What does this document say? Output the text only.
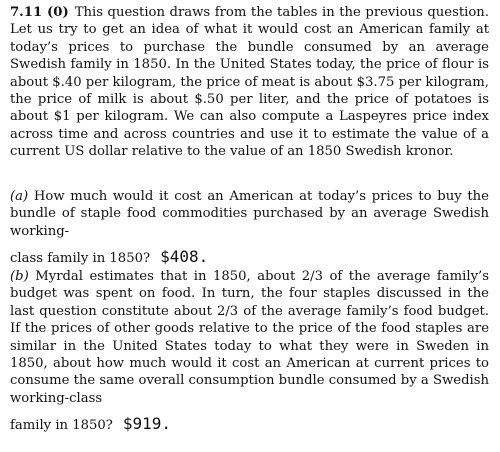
7.11 (0) This question draws from the tables in the previous question. Let us try to get an idea of what it would cost an American family at today’s prices to purchase the bundle consumed by an average Swedish family in 1850. In the United States today, the price of flour is about $.40 per kilogram, the price of meat is about $3.75 per kilogram, the price of milk is about $.50 per liter, and the price of potatoes is about $1 per kilogram. We can also compute a Laspeyres price index across time and across countries and use it to estimate the value of a current US dollar relative to the value of an 1850 Swedish kronor.
(a) How much would it cost an American at today’s prices to buy the bundle of staple food commodities purchased by an average Swedish working-
class family in 1850? $408.
(b) Myrdal estimates that in 1850, about 2/3 of the average family’s budget was spent on food. In turn, the four staples discussed in the last question constitute about 2/3 of the average family’s food budget. If the prices of other goods relative to the price of the food staples are similar in the United States today to what they were in Sweden in 1850, about how much would it cost an American at current prices to consume the same overall consumption bundle consumed by a Swedish working-class
family in 1850? $919.
